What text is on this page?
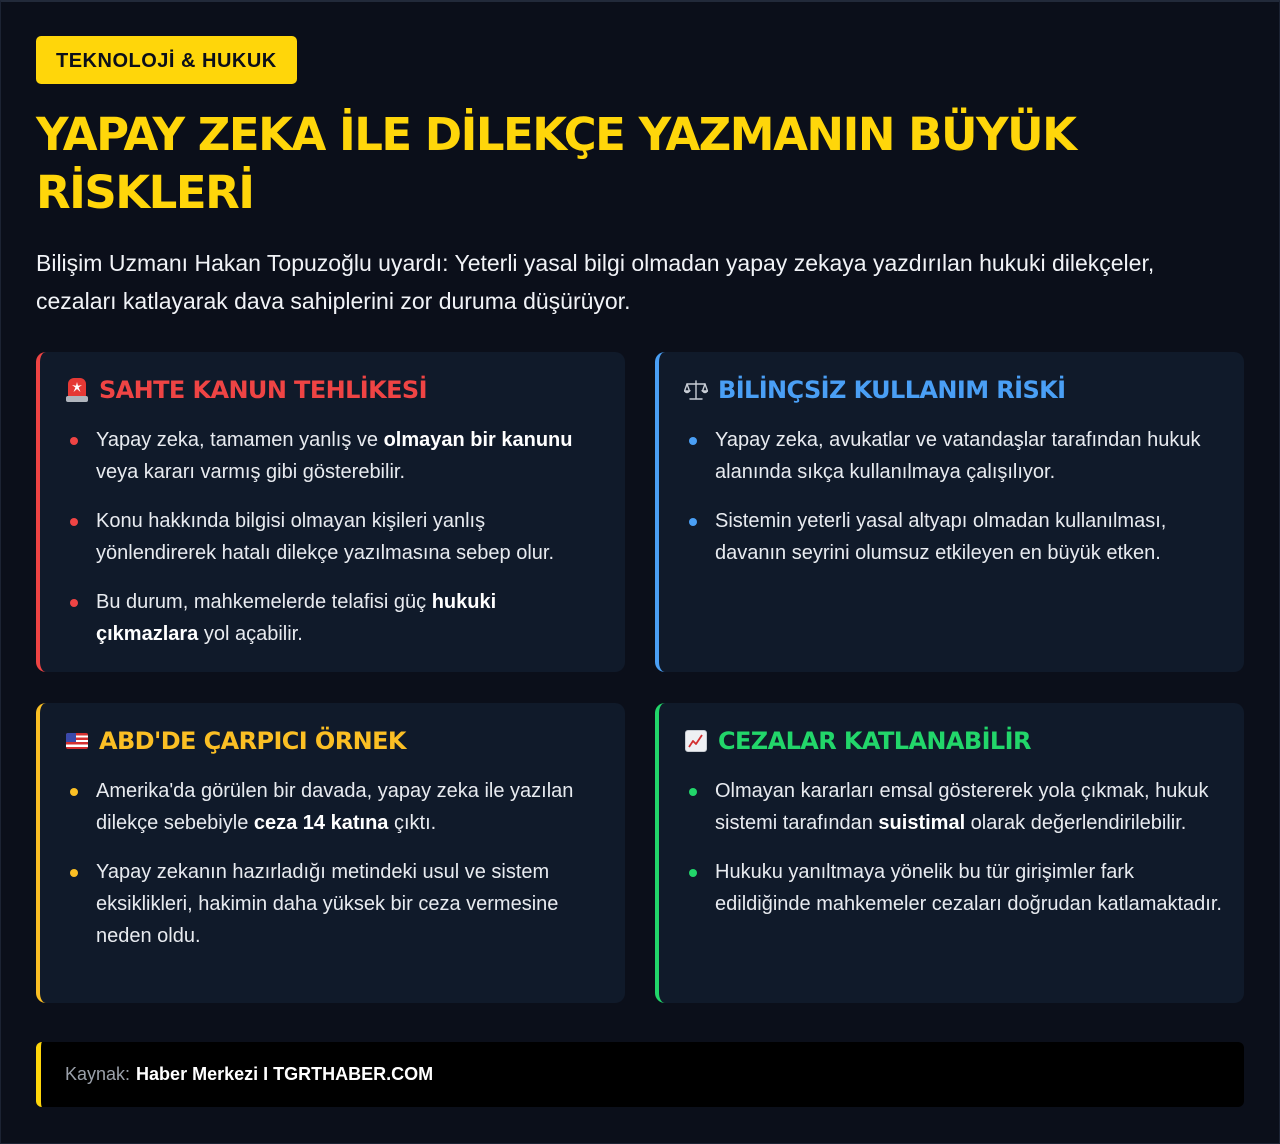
TEKNOLOJİ & HUKUK
YAPAY ZEKA İLE DİLEKÇE YAZMANIN BÜYÜK RİSKLERİ

Bilişim Uzmanı Hakan Topuzoğlu uyardı: Yeterli yasal bilgi olmadan yapay zekaya yazdırılan hukuki dilekçeler, cezaları katlayarak dava sahiplerini zor duruma düşürüyor.

SAHTE KANUN TEHLİKESİ
Yapay zeka, tamamen yanlış ve olmayan bir kanunu veya kararı varmış gibi gösterebilir.
Konu hakkında bilgisi olmayan kişileri yanlış yönlendirerek hatalı dilekçe yazılmasına sebep olur.
Bu durum, mahkemelerde telafisi güç hukuki çıkmazlara yol açabilir.
BİLİNÇSİZ KULLANIM RİSKİ
Yapay zeka, avukatlar ve vatandaşlar tarafından hukuk alanında sıkça kullanılmaya çalışılıyor.
Sistemin yeterli yasal altyapı olmadan kullanılması, davanın seyrini olumsuz etkileyen en büyük etken.
ABD'DE ÇARPICI ÖRNEK
Amerika'da görülen bir davada, yapay zeka ile yazılan dilekçe sebebiyle ceza 14 katına çıktı.
Yapay zekanın hazırladığı metindeki usul ve sistem eksiklikleri, hakimin daha yüksek bir ceza vermesine neden oldu.
CEZALAR KATLANABİLİR
Olmayan kararları emsal göstererek yola çıkmak, hukuk sistemi tarafından suistimal olarak değerlendirilebilir.
Hukuku yanıltmaya yönelik bu tür girişimler fark edildiğinde mahkemeler cezaları doğrudan katlamaktadır.
Kaynak: Haber Merkezi I TGRTHABER.COM
